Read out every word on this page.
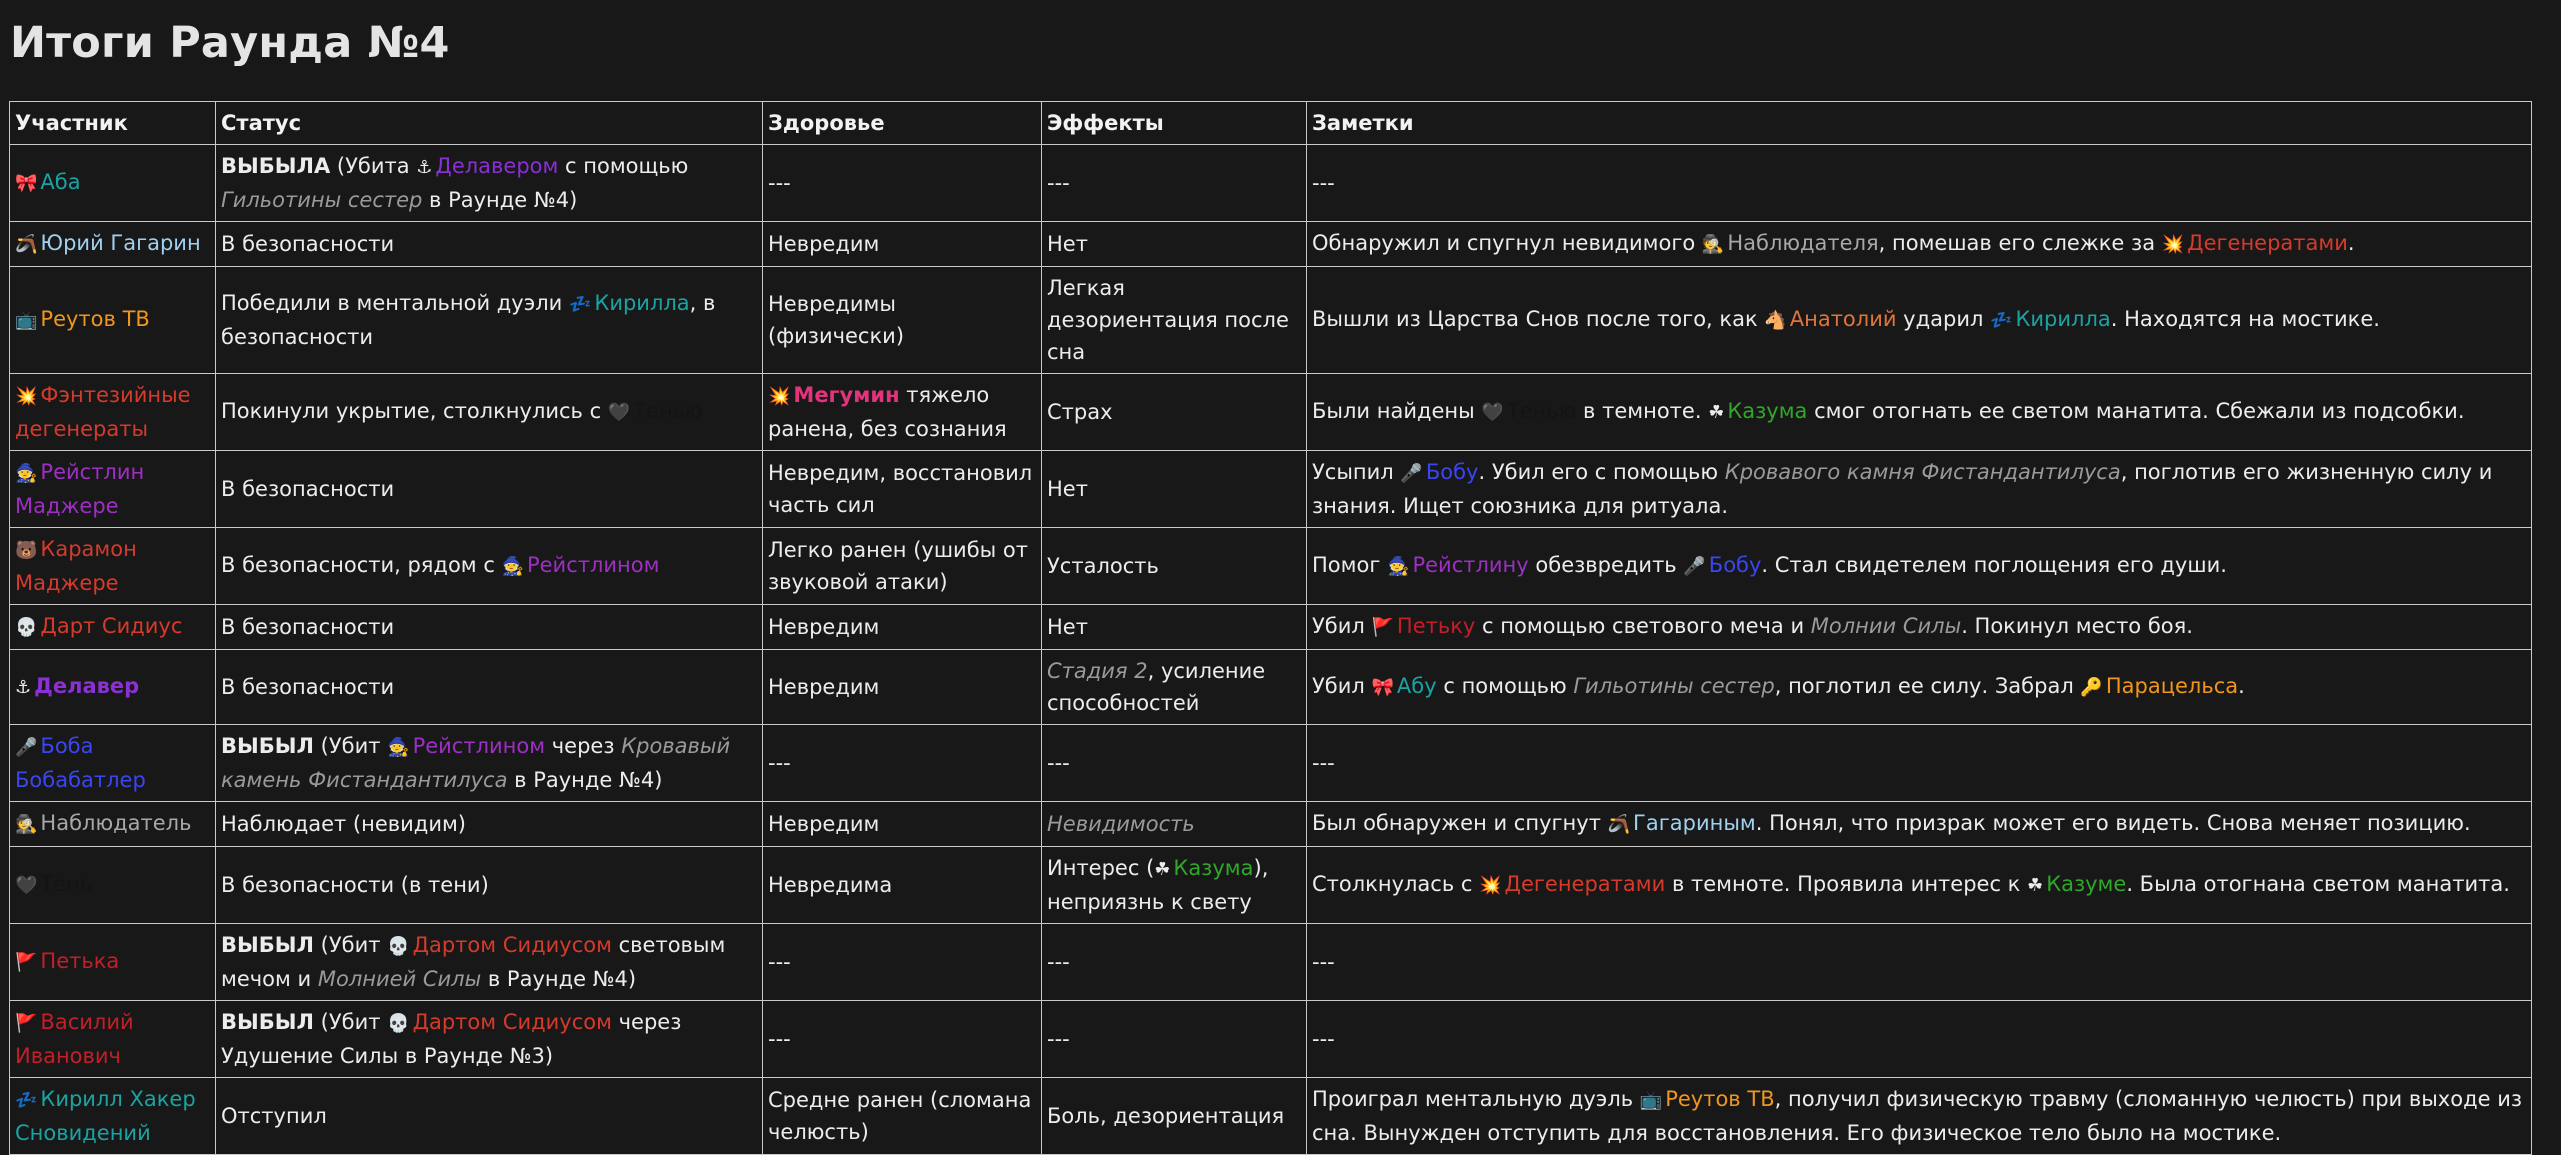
Итоги Раунда №4
Участник	Статус	Здоровье	Эффекты	Заметки
🎀 Аба	ВЫБЫЛА (Убита ⚓ Делавером с помощью Гильотины сестер в Раунде №4)	---	---	---
🪃 Юрий Гагарин	В безопасности	Невредим	Нет	Обнаружил и спугнул невидимого 🕵 Наблюдателя, помешав его слежке за 💥 Дегенератами.
📺 Реутов ТВ	Победили в ментальной дуэли 💤 Кирилла, в безопасности	Невредимы (физически)	Легкая дезориентация после сна	Вышли из Царства Снов после того, как 🐴 Анатолий ударил 💤 Кирилла. Находятся на мостике.
💥 Фэнтезийные дегенераты	Покинули укрытие, столкнулись с 🖤 Тенью	💥 Мегумин тяжело ранена, без сознания	Страх	Были найдены 🖤 Тенью в темноте. ☘ Казума смог отогнать ее светом манатита. Сбежали из подсобки.
🧙 Рейстлин Маджере	В безопасности	Невредим, восстановил часть сил	Нет	Усыпил 🎤 Бобу. Убил его с помощью Кровавого камня Фистандантилуса, поглотив его жизненную силу и знания. Ищет союзника для ритуала.
🐻 Карамон Маджере	В безопасности, рядом с 🧙 Рейстлином	Легко ранен (ушибы от звуковой атаки)	Усталость	Помог 🧙 Рейстлину обезвредить 🎤 Бобу. Стал свидетелем поглощения его души.
💀 Дарт Сидиус	В безопасности	Невредим	Нет	Убил 🚩 Петьку с помощью светового меча и Молнии Силы. Покинул место боя.
⚓ Делавер	В безопасности	Невредим	Стадия 2, усиление способностей	Убил 🎀 Абу с помощью Гильотины сестер, поглотил ее силу. Забрал 🔑 Парацельса.
🎤 Боба Бобабатлер	ВЫБЫЛ (Убит 🧙 Рейстлином через Кровавый камень Фистандантилуса в Раунде №4)	---	---	---
🕵 Наблюдатель	Наблюдает (невидим)	Невредим	Невидимость	Был обнаружен и спугнут 🪃 Гагариным. Понял, что призрак может его видеть. Снова меняет позицию.
🖤 Тень	В безопасности (в тени)	Невредима	Интерес (☘ Казума), неприязнь к свету	Столкнулась с 💥 Дегенератами в темноте. Проявила интерес к ☘ Казуме. Была отогнана светом манатита.
🚩 Петька	ВЫБЫЛ (Убит 💀 Дартом Сидиусом световым мечом и Молнией Силы в Раунде №4)	---	---	---
🚩 Василий Иванович	ВЫБЫЛ (Убит 💀 Дартом Сидиусом через Удушение Силы в Раунде №3)	---	---	---
💤 Кирилл Хакер Сновидений	Отступил	Средне ранен (сломана челюсть)	Боль, дезориентация	Проиграл ментальную дуэль 📺 Реутов ТВ, получил физическую травму (сломанную челюсть) при выходе из сна. Вынужден отступить для восстановления. Его физическое тело было на мостике.
